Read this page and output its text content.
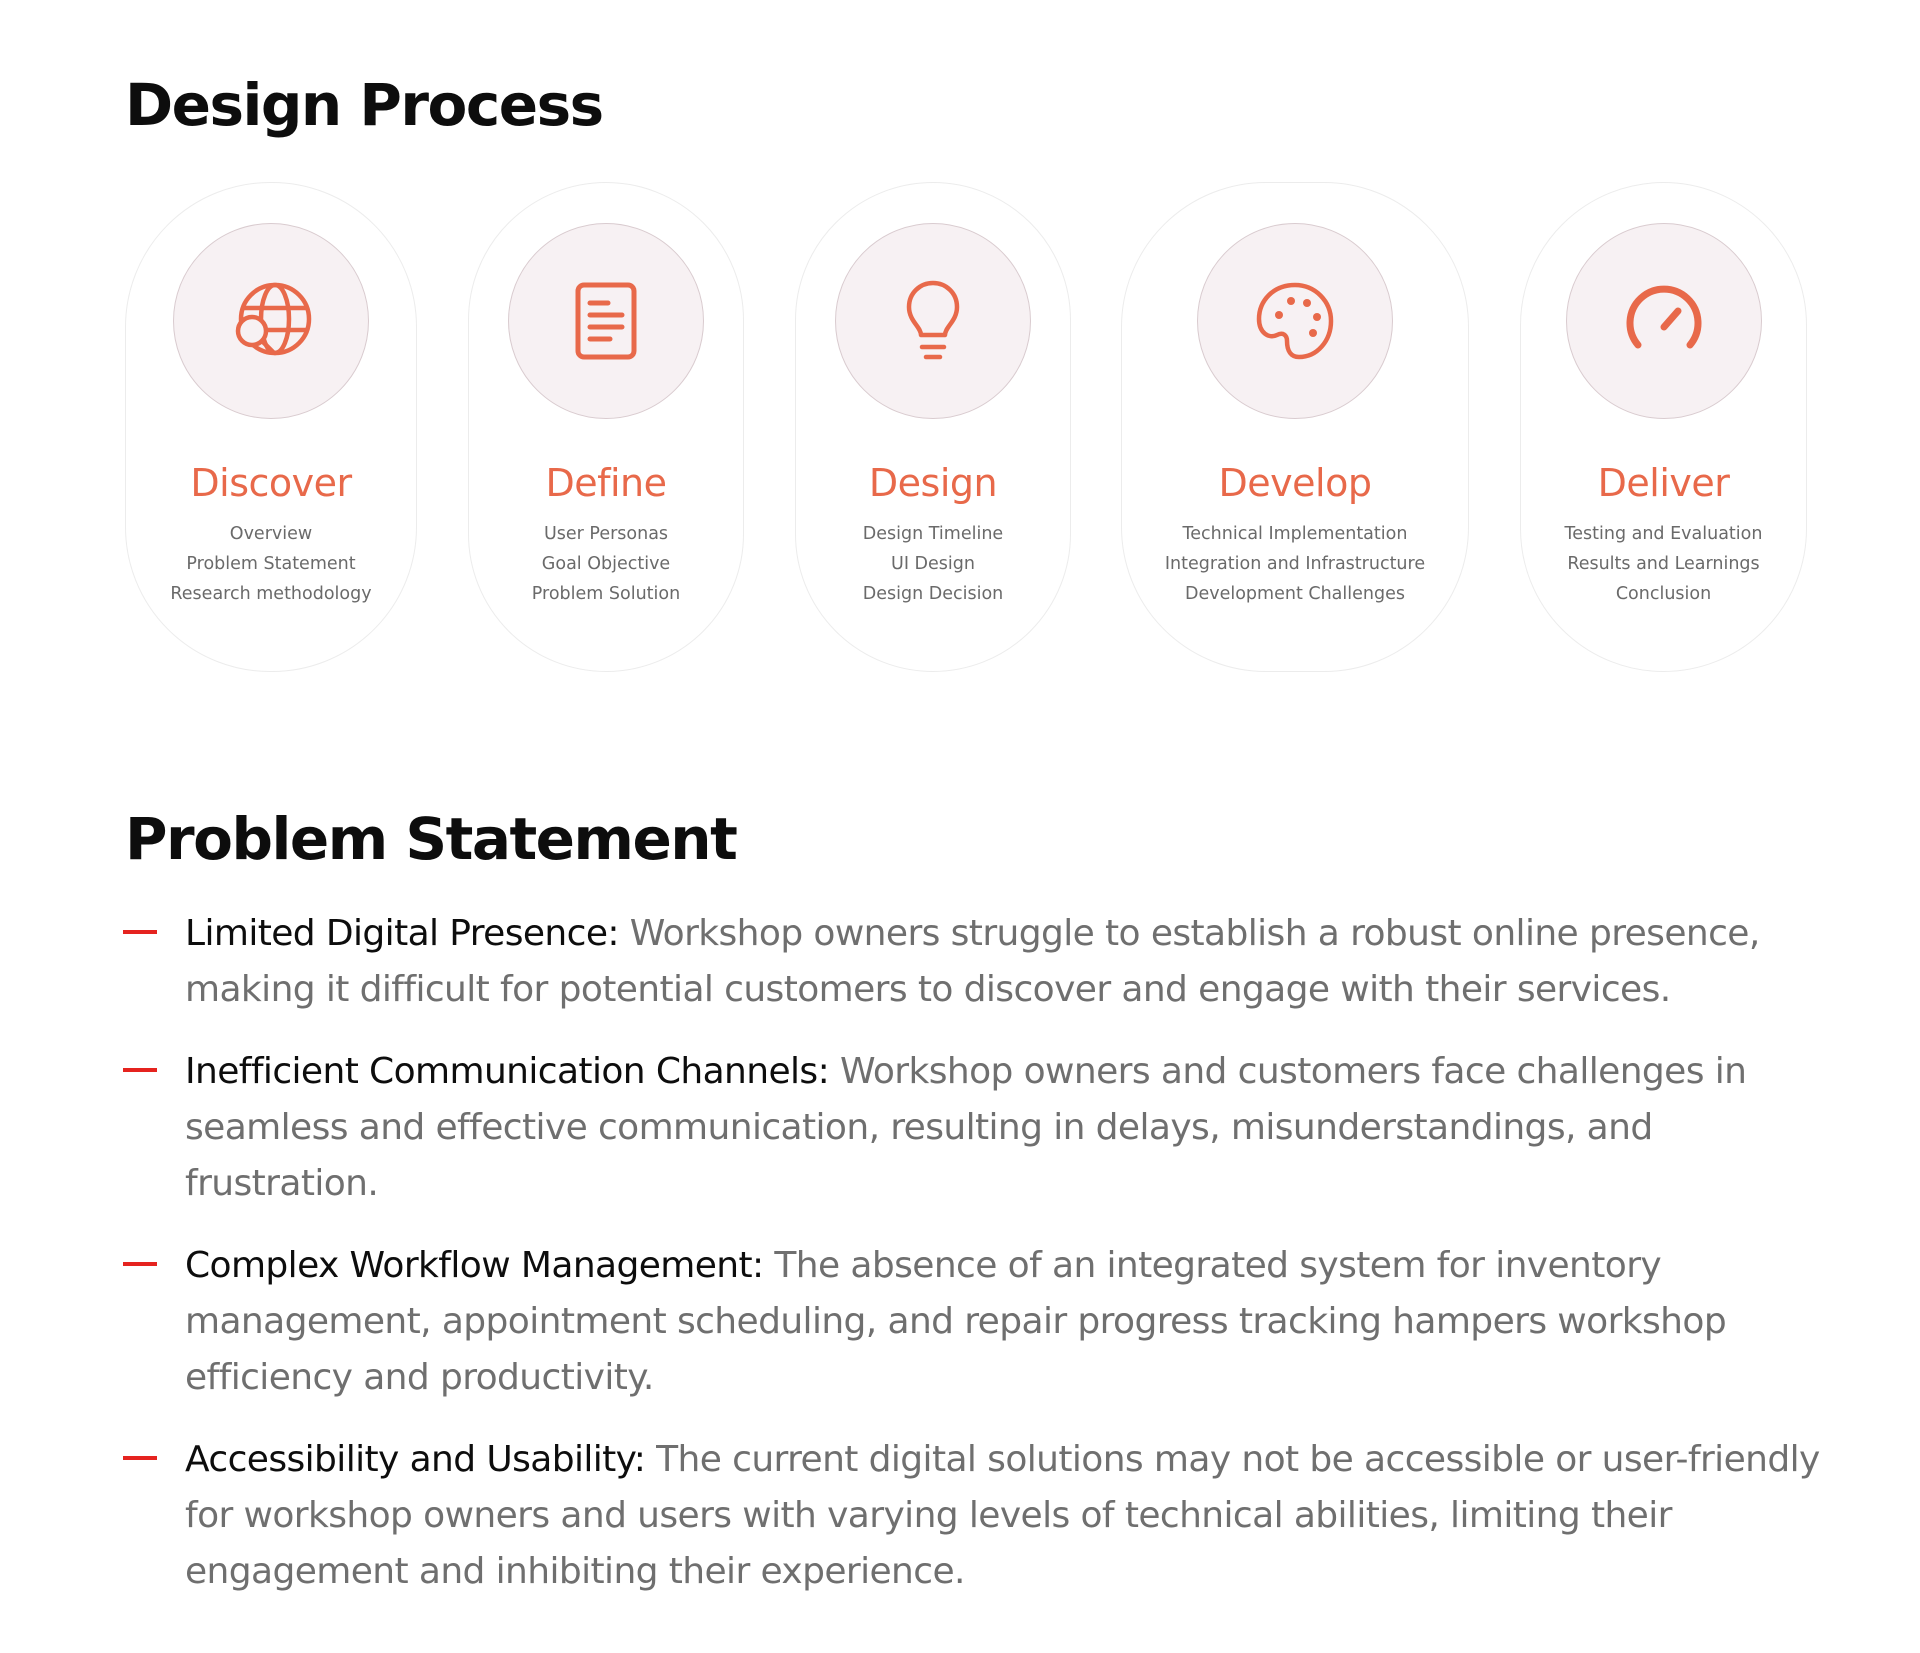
Design Process
Discover
Overview
Problem Statement
Research methodology
Define
User Personas
Goal Objective
Problem Solution
Design
Design Timeline
UI Design
Design Decision
Develop
Technical Implementation
Integration and Infrastructure
Development Challenges
Deliver
Testing and Evaluation
Results and Learnings
Conclusion
Problem Statement

Limited Digital Presence: Workshop owners struggle to establish a robust online presence, making it difficult for potential customers to discover and engage with their services.

Inefficient Communication Channels: Workshop owners and customers face challenges in seamless and effective communication, resulting in delays, misunderstandings, and frustration.

Complex Workflow Management: The absence of an integrated system for inventory management, appointment scheduling, and repair progress tracking hampers workshop efficiency and productivity.

Accessibility and Usability: The current digital solutions may not be accessible or user-friendly for workshop owners and users with varying levels of technical abilities, limiting their engagement and inhibiting their experience.
